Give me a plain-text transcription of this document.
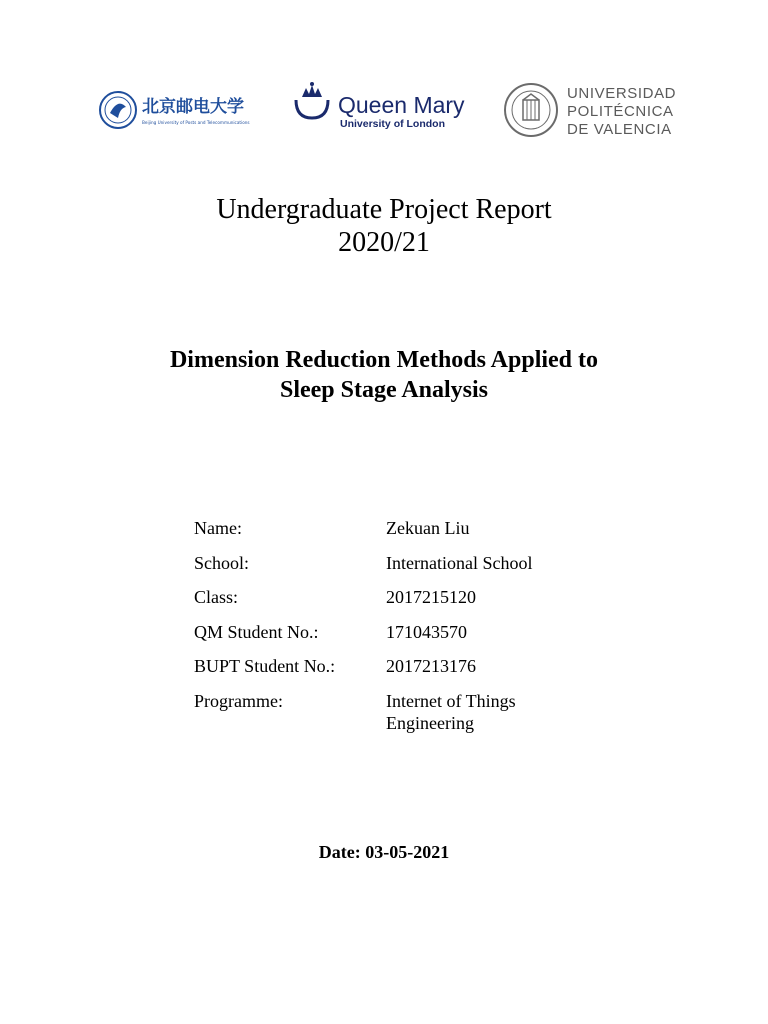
北京邮电大学
Beijing University of Posts and Telecommunications
Queen Mary
University of London
UNIVERSIDAD
POLITÉCNICA
DE VALENCIA
Undergraduate Project Report
2020/21
Dimension Reduction Methods Applied to
Sleep Stage Analysis
Name:	Zekuan Liu
School:	International School
Class:	2017215120
QM Student No.:	171043570
BUPT Student No.:	2017213176
Programme:	Internet of Things
Engineering
Date: 03-05-2021
